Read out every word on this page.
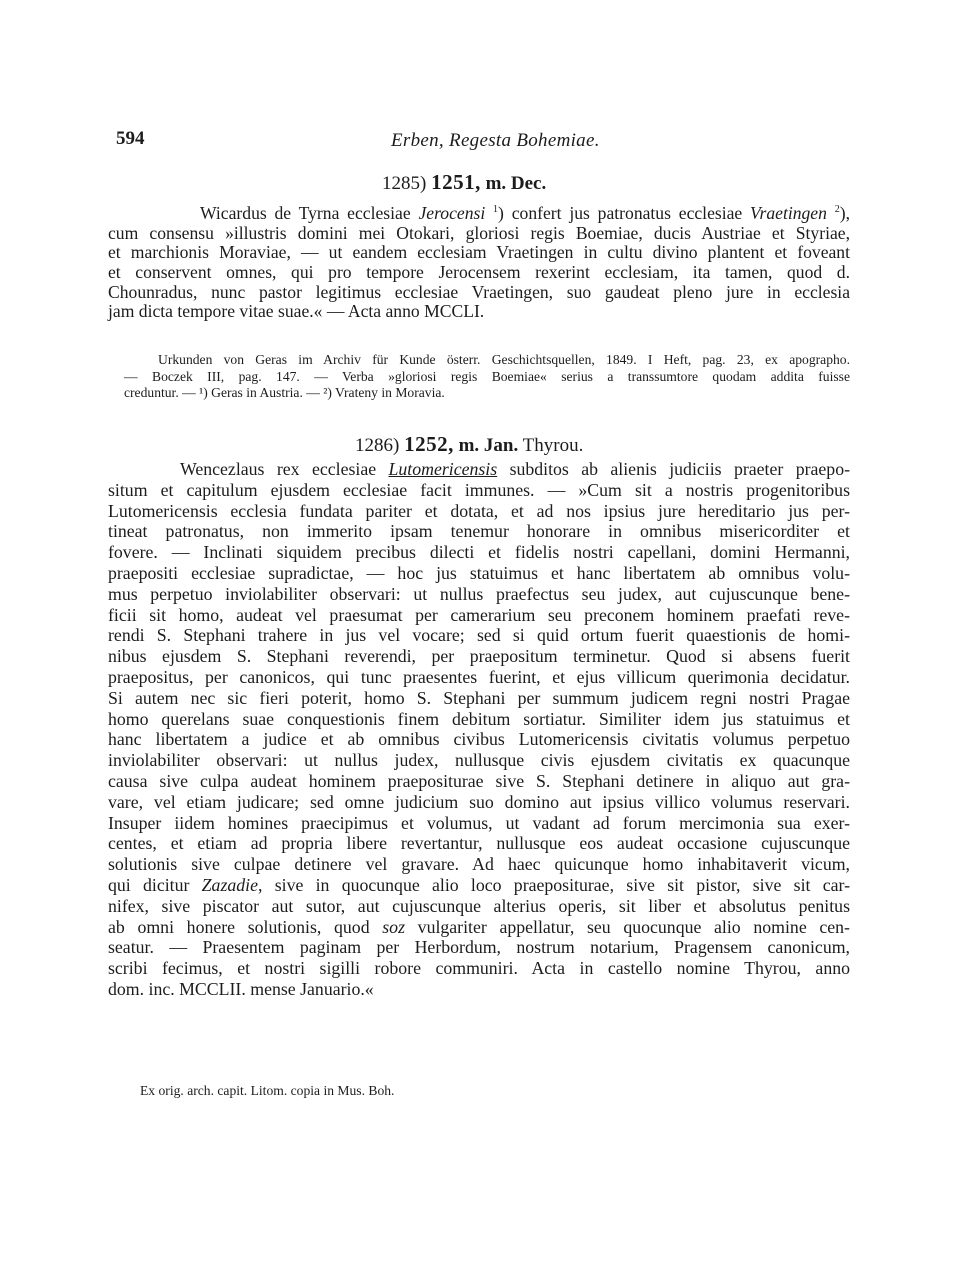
594	Erben, Regesta Bohemiae.
1285) 1251, m. Dec.
Wicardus de Tyrna ecclesiae Jerocensi $^1$) confert jus patronatus ecclesiae Vraetingen $^2$),
cum consensu »illustris domini mei Otokari, gloriosi regis Boemiae, ducis Austriae et Styriae,
et marchionis Moraviae, — ut eandem ecclesiam Vraetingen in cultu divino plantent et foveant
et conservent omnes, qui pro tempore Jerocensem rexerint ecclesiam, ita tamen, quod d.
Chounradus, nunc pastor legitimus ecclesiae Vraetingen, suo gaudeat pleno jure in ecclesia
jam dicta tempore vitae suae.« — Acta anno MCCLI.
Urkunden von Geras im Archiv für Kunde österr. Geschichtsquellen, 1849. I Heft, pag. 23, ex apographo.
— Boczek III, pag. 147. — Verba »gloriosi regis Boemiae« serius a transsumtore quodam addita fuisse
creduntur. — ¹) Geras in Austria. — ²) Vrateny in Moravia.
1286) 1252, m. Jan. Thyrou.
Wencezlaus rex ecclesiae Lutomericensis subditos ab alienis judiciis praeter praepo-
situm et capitulum ejusdem ecclesiae facit immunes. — »Cum sit a nostris progenitoribus
Lutomericensis ecclesia fundata pariter et dotata, et ad nos ipsius jure hereditario jus per-
tineat patronatus, non immerito ipsam tenemur honorare in omnibus misericorditer et
fovere. — Inclinati siquidem precibus dilecti et fidelis nostri capellani, domini Hermanni,
praepositi ecclesiae supradictae, — hoc jus statuimus et hanc libertatem ab omnibus volu-
mus perpetuo inviolabiliter observari: ut nullus praefectus seu judex, aut cujuscunque bene-
ficii sit homo, audeat vel praesumat per camerarium seu preconem hominem praefati reve-
rendi S. Stephani trahere in jus vel vocare; sed si quid ortum fuerit quaestionis de homi-
nibus ejusdem S. Stephani reverendi, per praepositum terminetur. Quod si absens fuerit
praepositus, per canonicos, qui tunc praesentes fuerint, et ejus villicum querimonia decidatur.
Si autem nec sic fieri poterit, homo S. Stephani per summum judicem regni nostri Pragae
homo querelans suae conquestionis finem debitum sortiatur. Similiter idem jus statuimus et
hanc libertatem a judice et ab omnibus civibus Lutomericensis civitatis volumus perpetuo
inviolabiliter observari: ut nullus judex, nullusque civis ejusdem civitatis ex quacunque
causa sive culpa audeat hominem praepositurae sive S. Stephani detinere in aliquo aut gra-
vare, vel etiam judicare; sed omne judicium suo domino aut ipsius villico volumus reservari.
Insuper iidem homines praecipimus et volumus, ut vadant ad forum mercimonia sua exer-
centes, et etiam ad propria libere revertantur, nullusque eos audeat occasione cujuscunque
solutionis sive culpae detinere vel gravare. Ad haec quicunque homo inhabitaverit vicum,
qui dicitur Zazadie, sive in quocunque alio loco praepositurae, sive sit pistor, sive sit car-
nifex, sive piscator aut sutor, aut cujuscunque alterius operis, sit liber et absolutus penitus
ab omni honere solutionis, quod soz vulgariter appellatur, seu quocunque alio nomine cen-
seatur. — Praesentem paginam per Herbordum, nostrum notarium, Pragensem canonicum,
scribi fecimus, et nostri sigilli robore communiri. Acta in castello nomine Thyrou, anno
dom. inc. MCCLII. mense Januario.«
Ex orig. arch. capit. Litom. copia in Mus. Boh.
